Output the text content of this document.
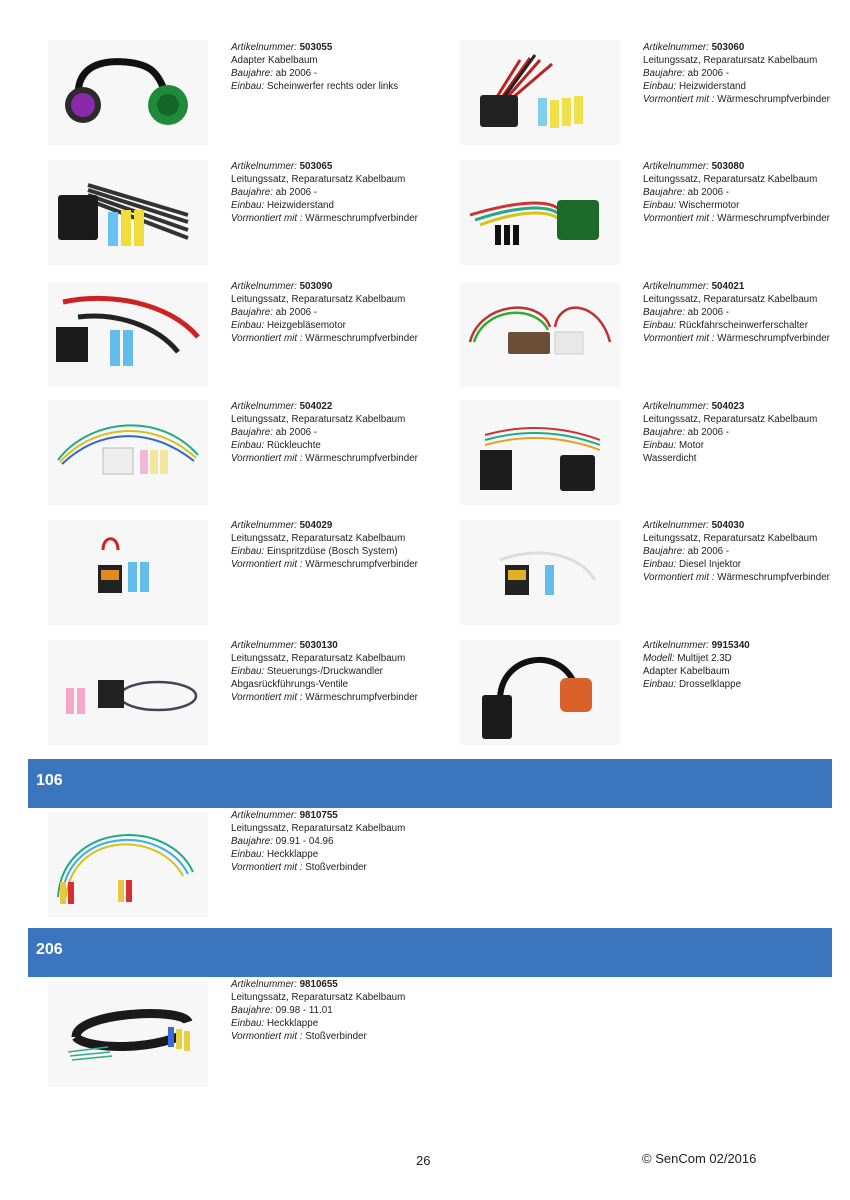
Artikelnummer: 503055
Adapter Kabelbaum
Baujahre: ab 2006 -
Einbau: Scheinwerfer rechts oder links
Artikelnummer: 503060
Leitungssatz, Reparatursatz Kabelbaum
Baujahre: ab 2006 -
Einbau: Heizwiderstand
Vormontiert mit : Wärmeschrumpfverbinder
Artikelnummer: 503065
Leitungssatz, Reparatursatz Kabelbaum
Baujahre: ab 2006 -
Einbau: Heizwiderstand
Vormontiert mit : Wärmeschrumpfverbinder
Artikelnummer: 503080
Leitungssatz, Reparatursatz Kabelbaum
Baujahre: ab 2006 -
Einbau: Wischermotor
Vormontiert mit : Wärmeschrumpfverbinder
Artikelnummer: 503090
Leitungssatz, Reparatursatz Kabelbaum
Baujahre: ab 2006 -
Einbau: Heizgebläsemotor
Vormontiert mit : Wärmeschrumpfverbinder
Artikelnummer: 504021
Leitungssatz, Reparatursatz Kabelbaum
Baujahre: ab 2006 -
Einbau: Rückfahrscheinwerferschalter
Vormontiert mit : Wärmeschrumpfverbinder
Artikelnummer: 504022
Leitungssatz, Reparatursatz Kabelbaum
Baujahre: ab 2006 -
Einbau: Rückleuchte
Vormontiert mit : Wärmeschrumpfverbinder
Artikelnummer: 504023
Leitungssatz, Reparatursatz Kabelbaum
Baujahre: ab 2006 -
Einbau: Motor
Wasserdicht
Artikelnummer: 504029
Leitungssatz, Reparatursatz Kabelbaum
Einbau: Einspritzdüse (Bosch System)
Vormontiert mit : Wärmeschrumpfverbinder
Artikelnummer: 504030
Leitungssatz, Reparatursatz Kabelbaum
Baujahre: ab 2006 -
Einbau: Diesel Injektor
Vormontiert mit : Wärmeschrumpfverbinder
Artikelnummer: 5030130
Leitungssatz, Reparatursatz Kabelbaum
Einbau: Steuerungs-/Druckwandler
Abgasrückführungs-Ventile
Vormontiert mit : Wärmeschrumpfverbinder
Artikelnummer: 9915340
Modell: Multijet 2.3D
Adapter Kabelbaum
Einbau: Drosselklappe
106
Artikelnummer: 9810755
Leitungssatz, Reparatursatz Kabelbaum
Baujahre: 09.91 - 04.96
Einbau: Heckklappe
Vormontiert mit : Stoßverbinder
206
Artikelnummer: 9810655
Leitungssatz, Reparatursatz Kabelbaum
Baujahre: 09.98 - 11.01
Einbau: Heckklappe
Vormontiert mit : Stoßverbinder
26	© SenCom 02/2016
